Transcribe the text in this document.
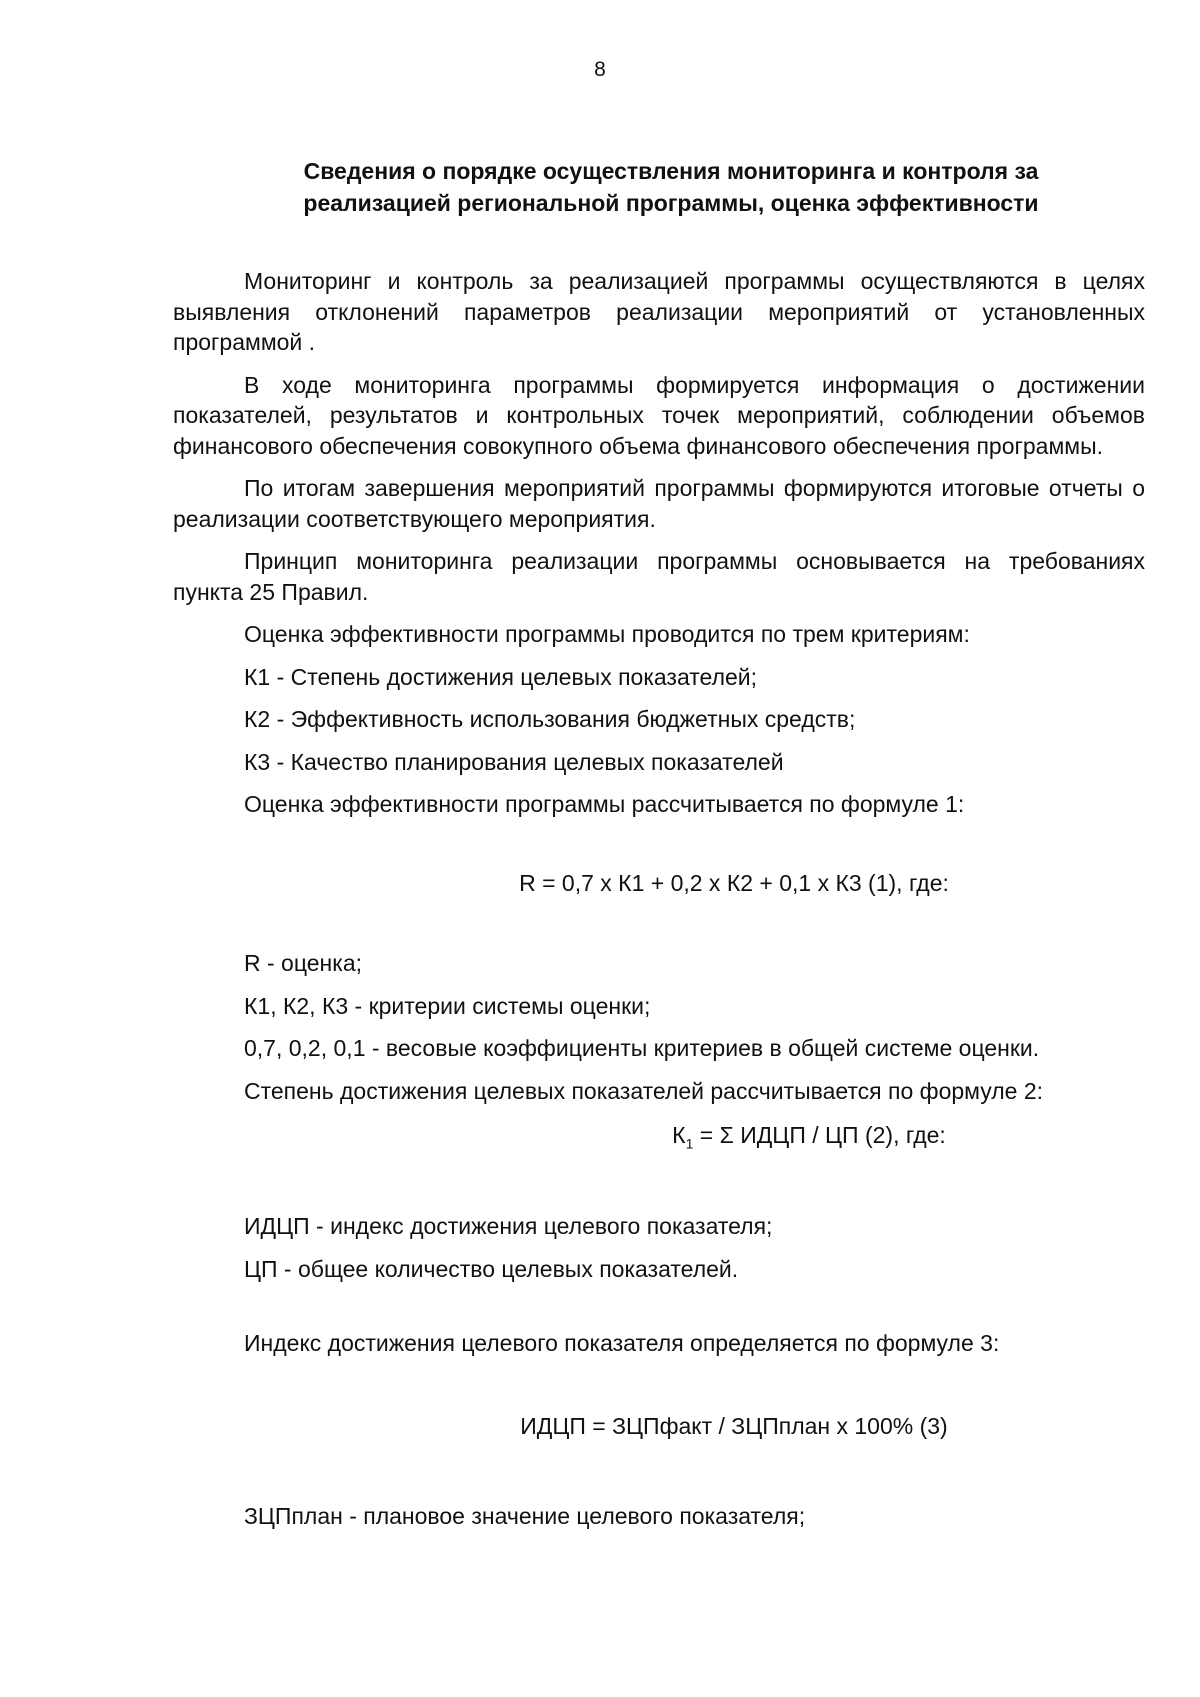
8
Сведения о порядке осуществления мониторинга и контроля за
реализацией региональной программы, оценка эффективности

Мониторинг и контроль за реализацией программы осуществляются в целях выявления отклонений параметров реализации мероприятий от установленных программой .

В ходе мониторинга программы формируется информация о достижении показателей, результатов и контрольных точек мероприятий, соблюдении объемов финансового обеспечения совокупного объема финансового обеспечения программы.

По итогам завершения мероприятий программы формируются итоговые отчеты о реализации соответствующего мероприятия.

Принцип мониторинга реализации программы основывается на требованиях пункта 25 Правил.

Оценка эффективности программы проводится по трем критериям:

К1 - Степень достижения целевых показателей;

К2 - Эффективность использования бюджетных средств;

К3 - Качество планирования целевых показателей

Оценка эффективности программы рассчитывается по формуле 1:

R = 0,7 х К1 + 0,2 х К2 + 0,1 х К3 (1), где:

R - оценка;

К1, К2, К3 - критерии системы оценки;

0,7, 0,2, 0,1 - весовые коэффициенты критериев в общей системе оценки.

Степень достижения целевых показателей рассчитывается по формуле 2:

$К_1 = \Sigma$ ИДЦП / ЦП (2), где:

ИДЦП - индекс достижения целевого показателя;

ЦП - общее количество целевых показателей.

Индекс достижения целевого показателя определяется по формуле 3:

ИДЦП = ЗЦПфакт / ЗЦПплан х 100% (3)

ЗЦПплан - плановое значение целевого показателя;
